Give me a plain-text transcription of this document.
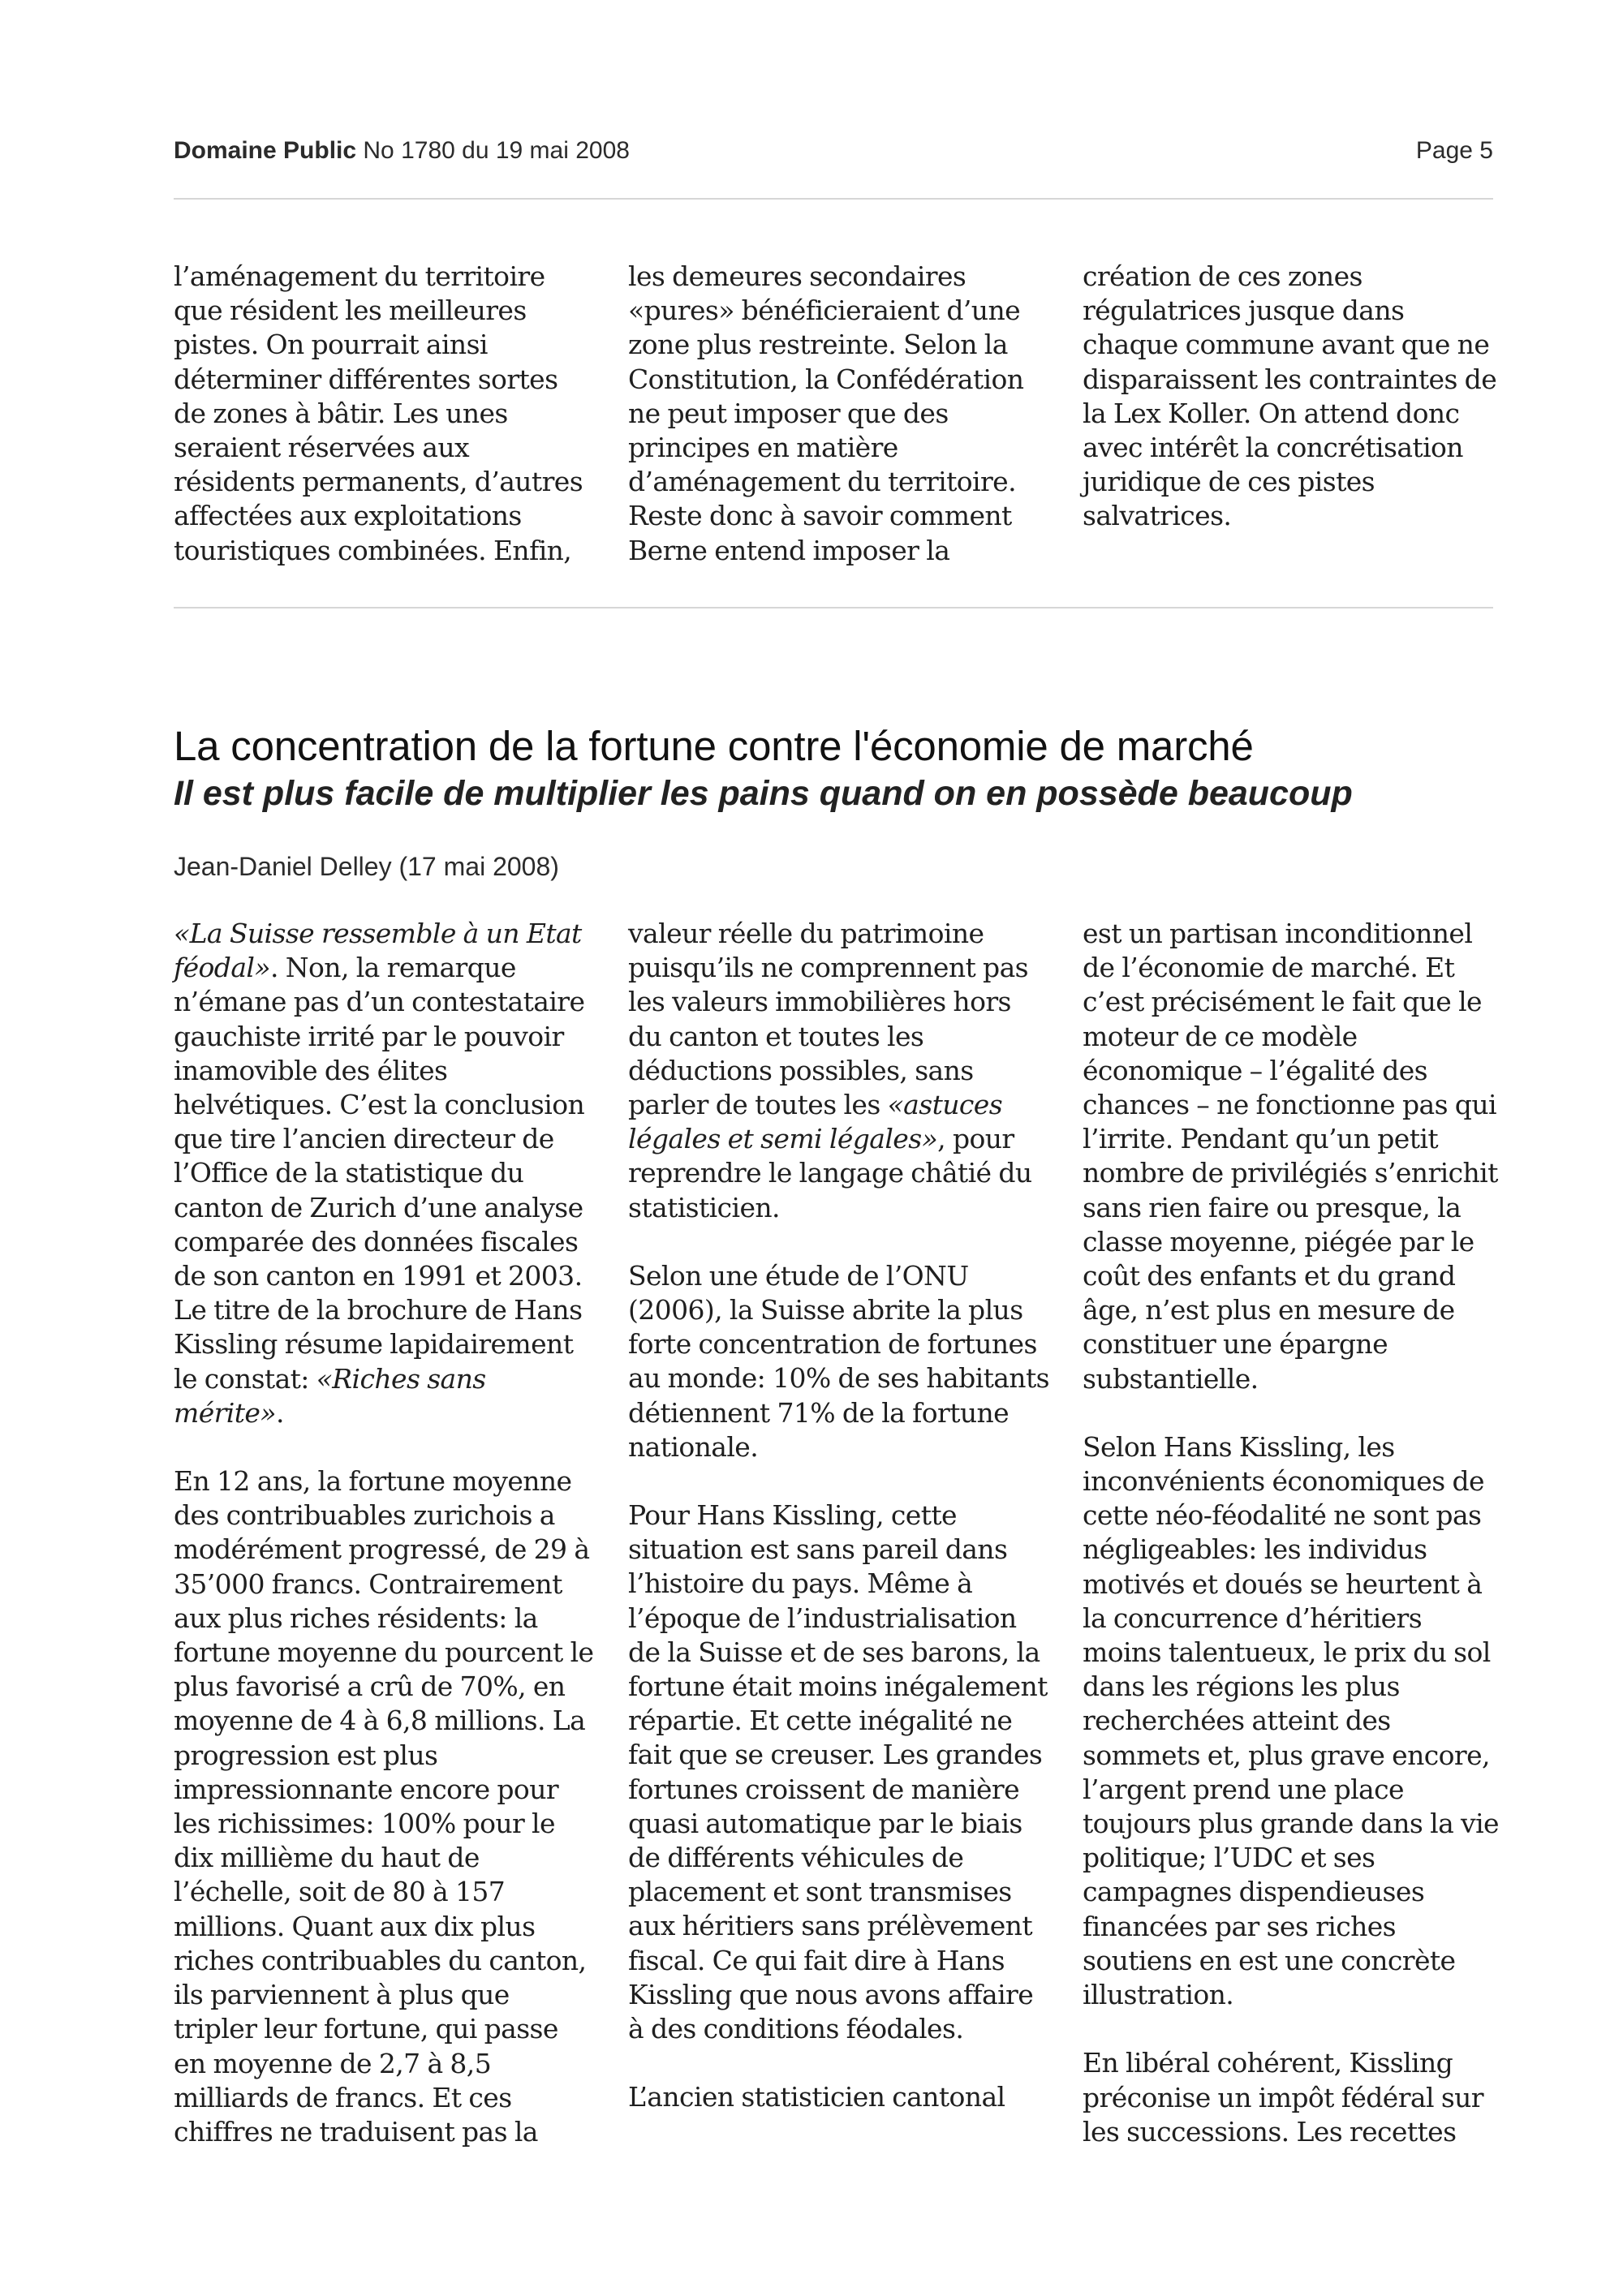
Domaine Public No 1780 du 19 mai 2008	Page 5

l’aménagement du territoire que résident les meilleures pistes. On pourrait ainsi déterminer différentes sortes de zones à bâtir. Les unes seraient réservées aux résidents permanents, d’autres affectées aux exploitations touristiques combinées. Enfin,

les demeures secondaires «pures» bénéficieraient d’une zone plus restreinte. Selon la Constitution, la Confédération ne peut imposer que des principes en matière d’aménagement du territoire. Reste donc à savoir comment Berne entend imposer la

création de ces zones régulatrices jusque dans chaque commune avant que ne disparaissent les contraintes de la Lex Koller. On attend donc avec intérêt la concrétisation juridique de ces pistes salvatrices.

La concentration de la fortune contre l'économie de marché
Il est plus facile de multiplier les pains quand on en possède beaucoup
Jean-Daniel Delley (17 mai 2008)

«La Suisse ressemble à un Etat féodal». Non, la remarque n’émane pas d’un contestataire gauchiste irrité par le pouvoir inamovible des élites helvétiques. C’est la conclusion que tire l’ancien directeur de l’Office de la statistique du canton de Zurich d’une analyse comparée des données fiscales de son canton en 1991 et 2003. Le titre de la brochure de Hans Kissling résume lapidairement le constat: «Riches sans mérite».

En 12 ans, la fortune moyenne des contribuables zurichois a modérément progressé, de 29 à 35’000 francs. Contrairement aux plus riches résidents: la fortune moyenne du pourcent le plus favorisé a crû de 70%, en moyenne de 4 à 6,8 millions. La progression est plus impressionnante encore pour les richissimes: 100% pour le dix millième du haut de l’échelle, soit de 80 à 157 millions. Quant aux dix plus riches contribuables du canton, ils parviennent à plus que tripler leur fortune, qui passe en moyenne de 2,7 à 8,5 milliards de francs. Et ces chiffres ne traduisent pas la

valeur réelle du patrimoine puisqu’ils ne comprennent pas les valeurs immobilières hors du canton et toutes les déductions possibles, sans parler de toutes les «astuces légales et semi légales», pour reprendre le langage châtié du statisticien.

Selon une étude de l’ONU (2006), la Suisse abrite la plus forte concentration de fortunes au monde: 10% de ses habitants détiennent 71% de la fortune nationale.

Pour Hans Kissling, cette situation est sans pareil dans l’histoire du pays. Même à l’époque de l’industrialisation de la Suisse et de ses barons, la fortune était moins inégalement répartie. Et cette inégalité ne fait que se creuser. Les grandes fortunes croissent de manière quasi automatique par le biais de différents véhicules de placement et sont transmises aux héritiers sans prélèvement fiscal. Ce qui fait dire à Hans Kissling que nous avons affaire à des conditions féodales.

L’ancien statisticien cantonal

est un partisan inconditionnel de l’économie de marché. Et c’est précisément le fait que le moteur de ce modèle économique – l’égalité des chances – ne fonctionne pas qui l’irrite. Pendant qu’un petit nombre de privilégiés s’enrichit sans rien faire ou presque, la classe moyenne, piégée par le coût des enfants et du grand âge, n’est plus en mesure de constituer une épargne substantielle.

Selon Hans Kissling, les inconvénients économiques de cette néo-féodalité ne sont pas négligeables: les individus motivés et doués se heurtent à la concurrence d’héritiers moins talentueux, le prix du sol dans les régions les plus recherchées atteint des sommets et, plus grave encore, l’argent prend une place toujours plus grande dans la vie politique; l’UDC et ses campagnes dispendieuses financées par ses riches soutiens en est une concrète illustration.

En libéral cohérent, Kissling préconise un impôt fédéral sur les successions. Les recettes
